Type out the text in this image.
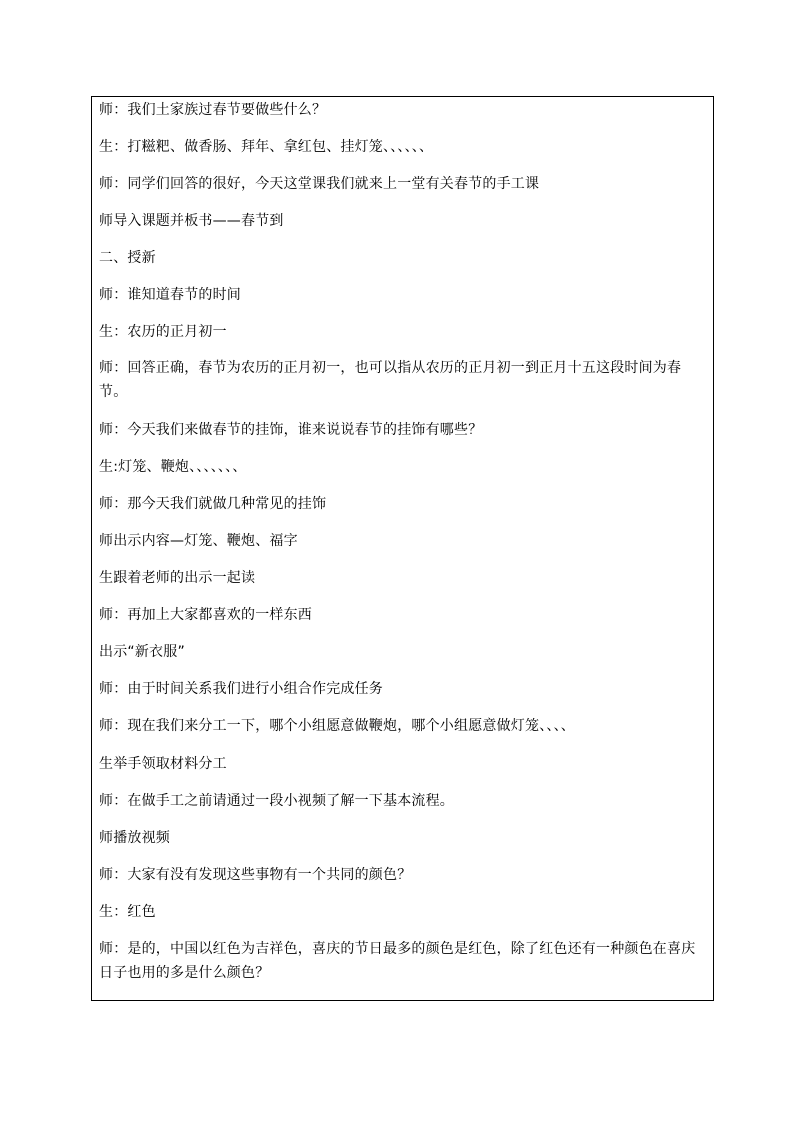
师：我们土家族过春节要做些什么？
生：打糍粑、做香肠、拜年、拿红包、挂灯笼、、、、、、
师：同学们回答的很好，今天这堂课我们就来上一堂有关春节的手工课
师导入课题并板书——春节到
二、授新
师：谁知道春节的时间
生：农历的正月初一
师：回答正确，春节为农历的正月初一，也可以指从农历的正月初一到正月十五这段时间为春节。
师：今天我们来做春节的挂饰，谁来说说春节的挂饰有哪些？
生:灯笼、鞭炮、、、、、、、
师：那今天我们就做几种常见的挂饰
师出示内容—灯笼、鞭炮、福字
生跟着老师的出示一起读
师：再加上大家都喜欢的一样东西
出示“新衣服”
师：由于时间关系我们进行小组合作完成任务
师：现在我们来分工一下，哪个小组愿意做鞭炮，哪个小组愿意做灯笼、、、、
生举手领取材料分工
师：在做手工之前请通过一段小视频了解一下基本流程。
师播放视频
师：大家有没有发现这些事物有一个共同的颜色？
生：红色
师：是的，中国以红色为吉祥色，喜庆的节日最多的颜色是红色，除了红色还有一种颜色在喜庆日子也用的多是什么颜色？
